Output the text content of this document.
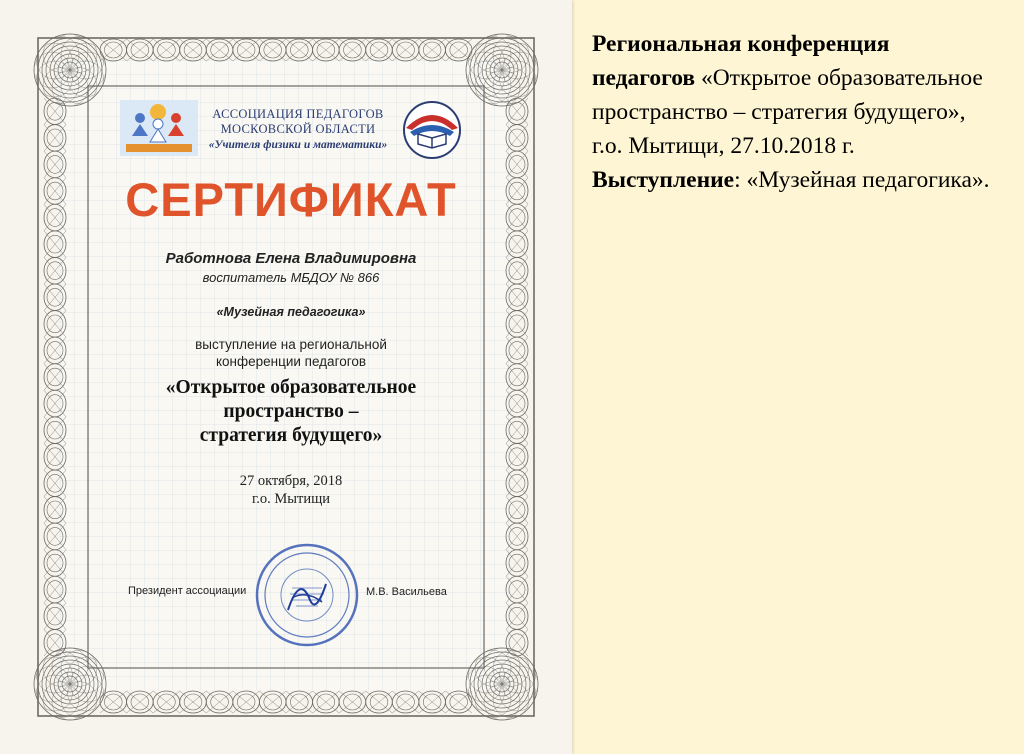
АССОЦИАЦИЯ ПЕДАГОГОВ
МОСКОВСКОЙ ОБЛАСТИ
«Учителя физики и математики»
СЕРТИФИКАТ
Работнова Елена Владимировна
воспитатель МБДОУ № 866
«Музейная педагогика»
выступление на региональной
конференции педагогов
«Открытое образовательное
пространство –
стратегия будущего»
27 октября, 2018
г.о. Мытищи
Президент ассоциации	М.В. Васильева
Региональная конференция педагогов «Открытое образовательное пространство – стратегия будущего», г.о. Мытищи, 27.10.2018 г.
Выступление: «Музейная педагогика».
